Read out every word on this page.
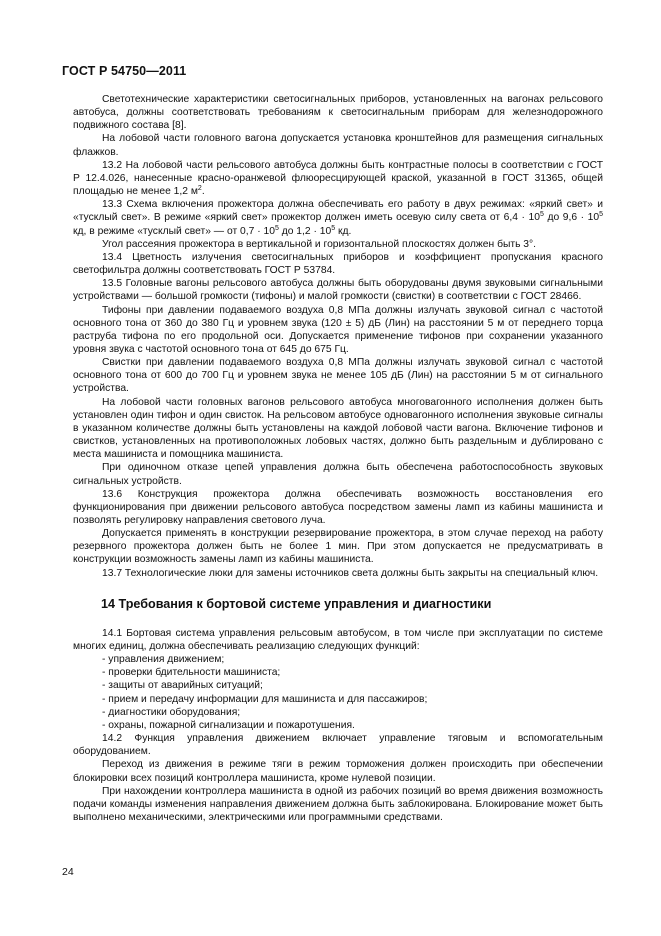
ГОСТ Р 54750—2011

Светотехнические характеристики светосигнальных приборов, установленных на вагонах рельсового автобуса, должны соответствовать требованиям к светосигнальным приборам для железнодорожного подвижного состава [8].

На лобовой части головного вагона допускается установка кронштейнов для размещения сигнальных флажков.

13.2 На лобовой части рельсового автобуса должны быть контрастные полосы в соответствии с ГОСТ Р 12.4.026, нанесенные красно-оранжевой флюоресцирующей краской, указанной в ГОСТ 31365, общей площадью не менее 1,2 $м^2$.

13.3 Схема включения прожектора должна обеспечивать его работу в двух режимах: «яркий свет» и «тусклый свет». В режиме «яркий свет» прожектор должен иметь осевую силу света от $6,4 \cdot 10^5$ до $9,6 \cdot 10^5$ кд, в режиме «тусклый свет» — от $0,7 \cdot 10^5$ до $1,2 \cdot 10^5$ кд.

Угол рассеяния прожектора в вертикальной и горизонтальной плоскостях должен быть 3°.

13.4 Цветность излучения светосигнальных приборов и коэффициент пропускания красного светофильтра должны соответствовать ГОСТ Р 53784.

13.5 Головные вагоны рельсового автобуса должны быть оборудованы двумя звуковыми сигнальными устройствами — большой громкости (тифоны) и малой громкости (свистки) в соответствии с ГОСТ 28466.

Тифоны при давлении подаваемого воздуха 0,8 МПа должны излучать звуковой сигнал с частотой основного тона от 360 до 380 Гц и уровнем звука (120 ± 5) дБ (Лин) на расстоянии 5 м от переднего торца раструба тифона по его продольной оси. Допускается применение тифонов при сохранении указанного уровня звука с частотой основного тона от 645 до 675 Гц.

Свистки при давлении подаваемого воздуха 0,8 МПа должны излучать звуковой сигнал с частотой основного тона от 600 до 700 Гц и уровнем звука не менее 105 дБ (Лин) на расстоянии 5 м от сигнального устройства.

На лобовой части головных вагонов рельсового автобуса многовагонного исполнения должен быть установлен один тифон и один свисток. На рельсовом автобусе одновагонного исполнения звуковые сигналы в указанном количестве должны быть установлены на каждой лобовой части вагона. Включение тифонов и свистков, установленных на противоположных лобовых частях, должно быть раздельным и дублировано с места машиниста и помощника машиниста.

При одиночном отказе цепей управления должна быть обеспечена работоспособность звуковых сигнальных устройств.

13.6 Конструкция прожектора должна обеспечивать возможность восстановления его функционирования при движении рельсового автобуса посредством замены ламп из кабины машиниста и позволять регулировку направления светового луча.

Допускается применять в конструкции резервирование прожектора, в этом случае переход на работу резервного прожектора должен быть не более 1 мин. При этом допускается не предусматривать в конструкции возможность замены ламп из кабины машиниста.

13.7 Технологические люки для замены источников света должны быть закрыты на специальный ключ.

14 Требования к бортовой системе управления и диагностики

14.1 Бортовая система управления рельсовым автобусом, в том числе при эксплуатации по системе многих единиц, должна обеспечивать реализацию следующих функций:

- управления движением;

- проверки бдительности машиниста;

- защиты от аварийных ситуаций;

- прием и передачу информации для машиниста и для пассажиров;

- диагностики оборудования;

- охраны, пожарной сигнализации и пожаротушения.

14.2 Функция управления движением включает управление тяговым и вспомогательным оборудованием.

Переход из движения в режиме тяги в режим торможения должен происходить при обеспечении блокировки всех позиций контроллера машиниста, кроме нулевой позиции.

При нахождении контроллера машиниста в одной из рабочих позиций во время движения возможность подачи команды изменения направления движением должна быть заблокирована. Блокирование может быть выполнено механическими, электрическими или программными средствами.

24
